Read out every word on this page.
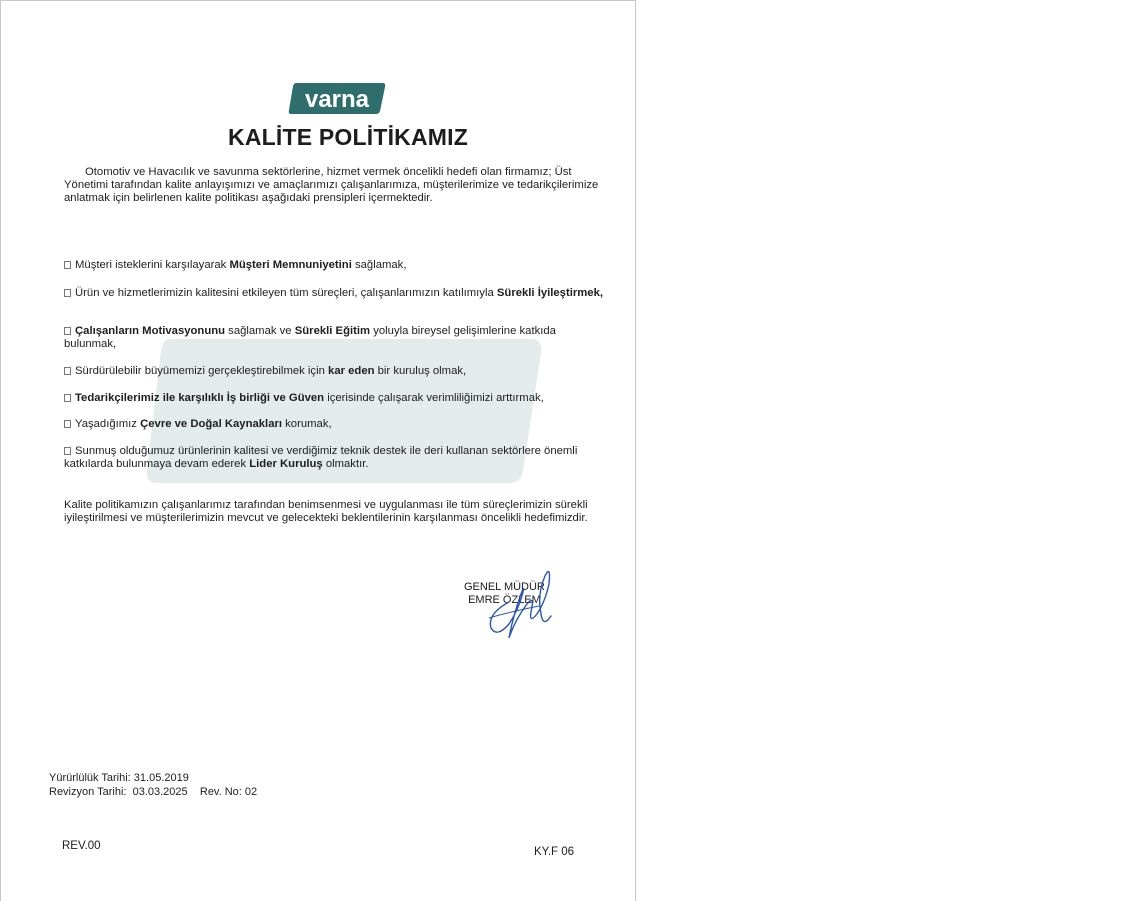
varna
KALİTE POLİTİKAMIZ
Otomotiv ve Havacılık ve savunma sektörlerine, hizmet vermek öncelikli hedefi olan firmamız; Üst Yönetimi tarafından kalite anlayışımızı ve amaçlarımızı çalışanlarımıza, müşterilerimize ve tedarikçilerimize anlatmak için belirlenen kalite politikası aşağıdaki prensipleri içermektedir.
Müşteri isteklerini karşılayarak Müşteri Memnuniyetini sağlamak,
Ürün ve hizmetlerimizin kalitesini etkileyen tüm süreçleri, çalışanlarımızın katılımıyla Sürekli İyileştirmek,
Çalışanların Motivasyonunu sağlamak ve Sürekli Eğitim yoluyla bireysel gelişimlerine katkıda bulunmak,
Sürdürülebilir büyümemizi gerçekleştirebilmek için kar eden bir kuruluş olmak,
Tedarikçilerimiz ile karşılıklı İş birliği ve Güven içerisinde çalışarak verimliliğimizi arttırmak,
Yaşadığımız Çevre ve Doğal Kaynakları korumak,
Sunmuş olduğumuz ürünlerinin kalitesi ve verdiğimiz teknik destek ile deri kullanan sektörlere önemli katkılarda bulunmaya devam ederek Lider Kuruluş olmaktır.
Kalite politikamızın çalışanlarımız tarafından benimsenmesi ve uygulanması ile tüm süreçlerimizin sürekli iyileştirilmesi ve müşterilerimizin mevcut ve gelecekteki beklentilerinin karşılanması öncelikli hedefimizdir.
GENEL MÜDÜR
EMRE ÖZLEM
Yürürlülük Tarihi: 31.05.2019
Revizyon Tarihi: 03.03.2025 Rev. No: 02
REV.00	KY.F 06
